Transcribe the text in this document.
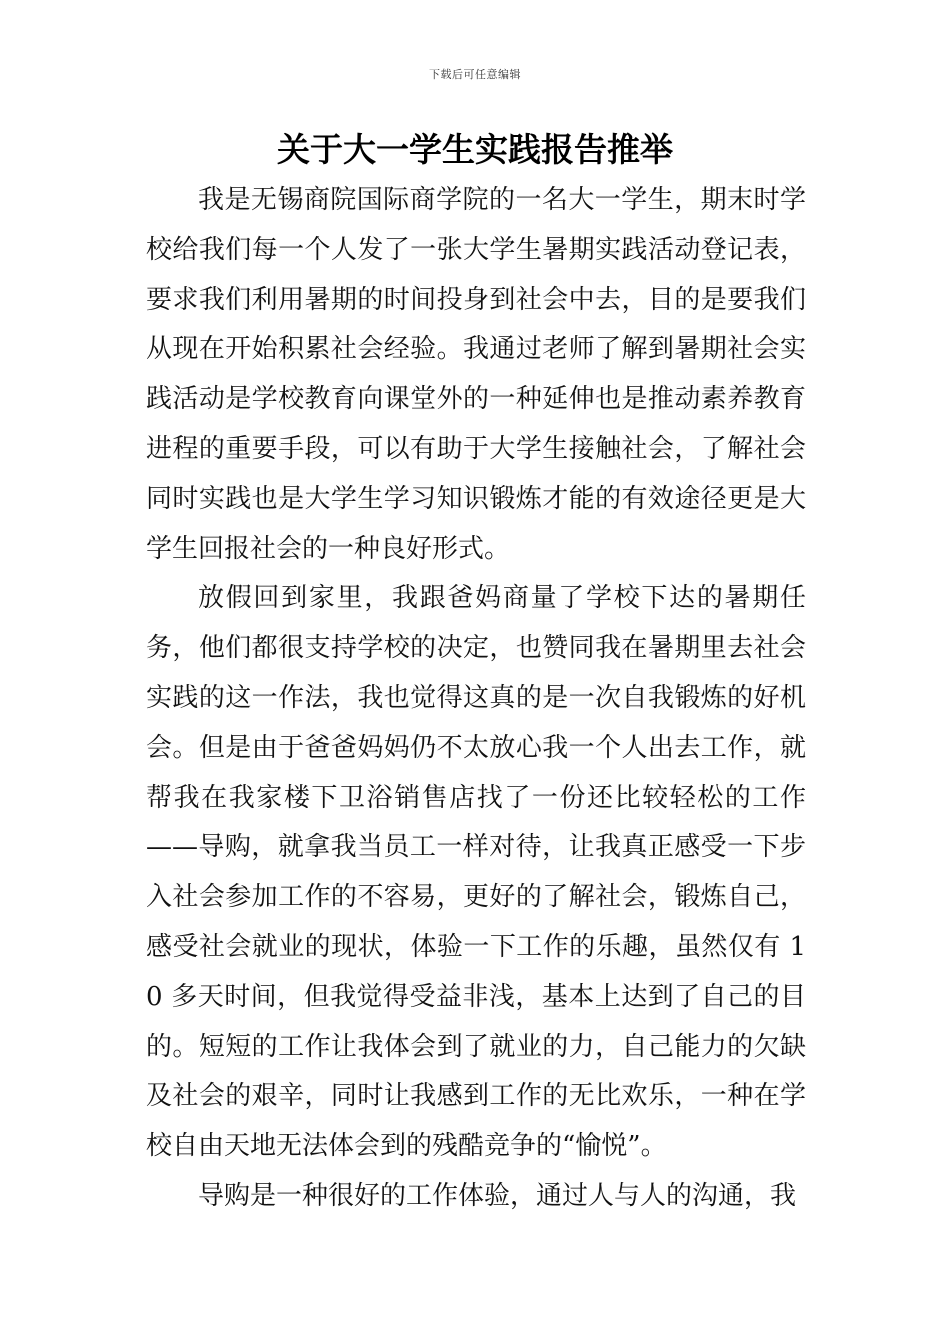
下载后可任意编辑
关于大一学生实践报告推举

我是无锡商院国际商学院的一名大一学生，期末时学校给我们每一个人发了一张大学生暑期实践活动登记表，要求我们利用暑期的时间投身到社会中去，目的是要我们从现在开始积累社会经验。我通过老师了解到暑期社会实践活动是学校教育向课堂外的一种延伸也是推动素养教育进程的重要手段，可以有助于大学生接触社会，了解社会同时实践也是大学生学习知识锻炼才能的有效途径更是大学生回报社会的一种良好形式。

放假回到家里，我跟爸妈商量了学校下达的暑期任务，他们都很支持学校的决定，也赞同我在暑期里去社会实践的这一作法，我也觉得这真的是一次自我锻炼的好机会。但是由于爸爸妈妈仍不太放心我一个人出去工作，就帮我在我家楼下卫浴销售店找了一份还比较轻松的工作——导购，就拿我当员工一样对待，让我真正感受一下步入社会参加工作的不容易，更好的了解社会，锻炼自己，感受社会就业的现状，体验一下工作的乐趣，虽然仅有 10 多天时间，但我觉得受益非浅，基本上达到了自己的目的。短短的工作让我体会到了就业的力，自己能力的欠缺及社会的艰辛，同时让我感到工作的无比欢乐，一种在学校自由天地无法体会到的残酷竞争的“愉悦”。

导购是一种很好的工作体验，通过人与人的沟通，我
